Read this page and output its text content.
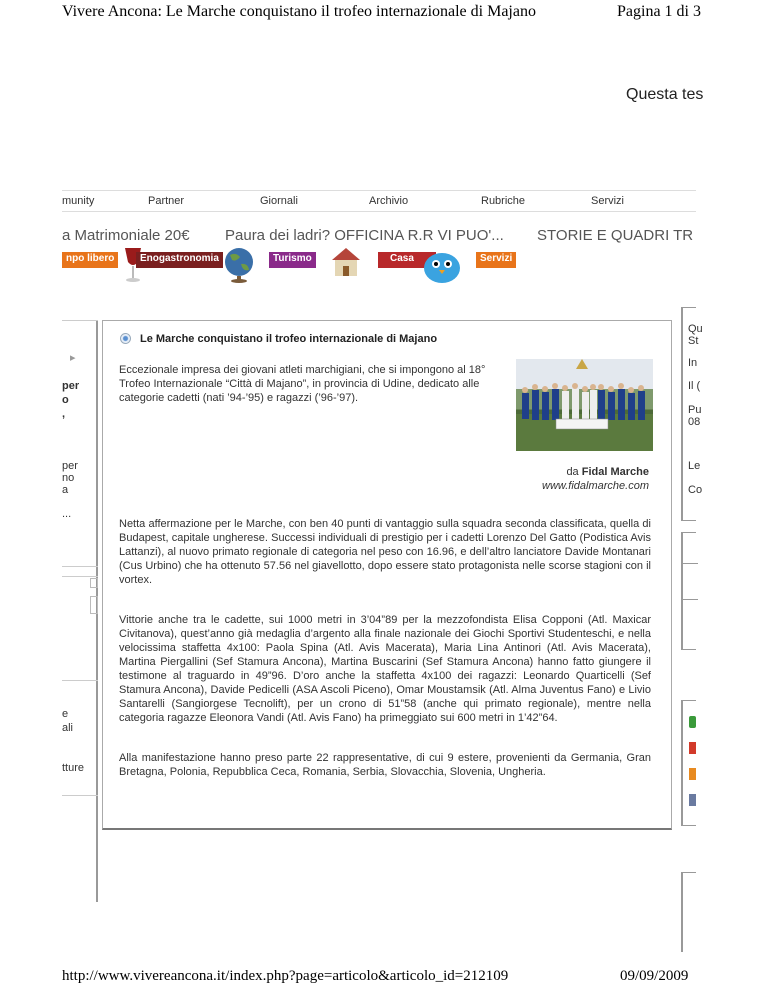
Vivere Ancona: Le Marche conquistano il trofeo internazionale di Majano	Pagina 1 di 3
Questa tes
munity	Partner	Giornali	Archivio	Rubriche	Servizi
a Matrimoniale 20€ Paura dei ladri? OFFICINA R.R VI PUO'... STORIE E QUADRI TR
npo libero	Enogastronomia	Turismo	Casa	Servizi
▸
per
o
,
per
no
a
...
e
ali
tture
Le Marche conquistano il trofeo internazionale di Majano

Eccezionale impresa dei giovani atleti marchigiani, che si impongono al 18° Trofeo Internazionale “Città di Majano”, in provincia di Udine, dedicato alle categorie cadetti (nati ’94-’95) e ragazzi (’96-’97).

da Fidal Marche
www.fidalmarche.com

Netta affermazione per le Marche, con ben 40 punti di vantaggio sulla squadra seconda classificata, quella di Budapest, capitale ungherese. Successi individuali di prestigio per i cadetti Lorenzo Del Gatto (Podistica Avis Lattanzi), al nuovo primato regionale di categoria nel peso con 16.96, e dell’altro lanciatore Davide Montanari (Cus Urbino) che ha ottenuto 57.56 nel giavellotto, dopo essere stato protagonista nelle scorse stagioni con il vortex.

Vittorie anche tra le cadette, sui 1000 metri in 3’04”89 per la mezzofondista Elisa Copponi (Atl. Maxicar Civitanova), quest’anno già medaglia d’argento alla finale nazionale dei Giochi Sportivi Studenteschi, e nella velocissima staffetta 4x100: Paola Spina (Atl. Avis Macerata), Maria Lina Antinori (Atl. Avis Macerata), Martina Piergallini (Sef Stamura Ancona), Martina Buscarini (Sef Stamura Ancona) hanno fatto giungere il testimone al traguardo in 49”96. D’oro anche la staffetta 4x100 dei ragazzi: Leonardo Quarticelli (Sef Stamura Ancona), Davide Pedicelli (ASA Ascoli Piceno), Omar Moustamsik (Atl. Alma Juventus Fano) e Livio Santarelli (Sangiorgese Tecnolift), per un crono di 51”58 (anche qui primato regionale), mentre nella categoria ragazze Eleonora Vandi (Atl. Avis Fano) ha primeggiato sui 600 metri in 1’42”64.

Alla manifestazione hanno preso parte 22 rappresentative, di cui 9 estere, provenienti da Germania, Gran Bretagna, Polonia, Repubblica Ceca, Romania, Serbia, Slovacchia, Slovenia, Ungheria.

Qu
St
In
Il (
Pu
08
Le
Co
http://www.vivereancona.it/index.php?page=articolo&articolo_id=212109	09/09/2009
